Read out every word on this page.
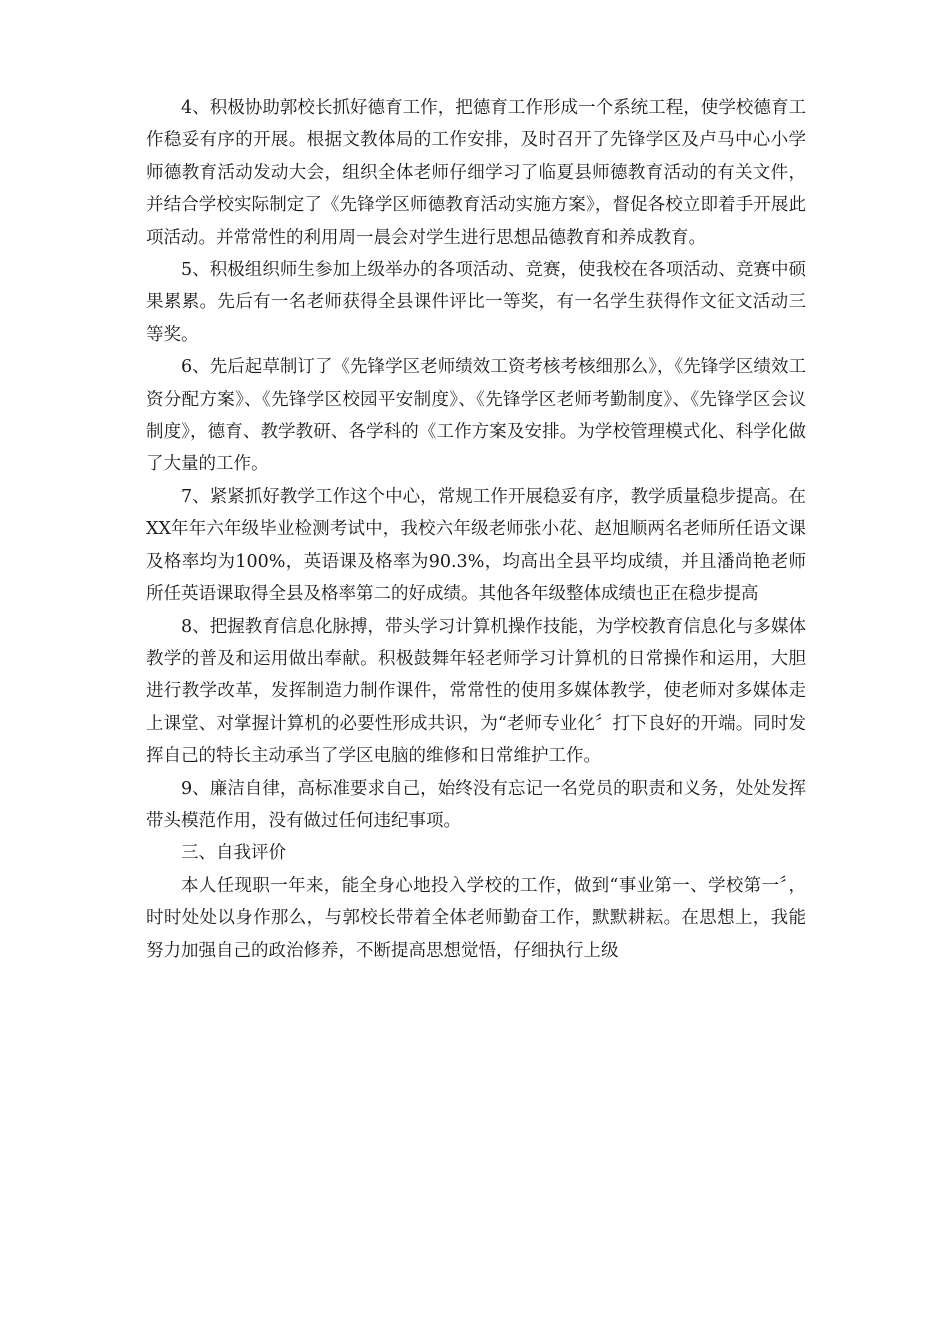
4、积极协助郭校长抓好德育工作，把德育工作形成一个系统工程，使学校德育工作稳妥有序的开展。根据文教体局的工作安排，及时召开了先锋学区及卢马中心小学师德教育活动发动大会，组织全体老师仔细学习了临夏县师德教育活动的有关文件，并结合学校实际制定了《先锋学区师德教育活动实施方案》，督促各校立即着手开展此项活动。并常常性的利用周一晨会对学生进行思想品德教育和养成教育。

5、积极组织师生参加上级举办的各项活动、竞赛，使我校在各项活动、竞赛中硕果累累。先后有一名老师获得全县课件评比一等奖，有一名学生获得作文征文活动三等奖。

6、先后起草制订了《先锋学区老师绩效工资考核考核细那么》，《先锋学区绩效工资分配方案》、《先锋学区校园平安制度》、《先锋学区老师考勤制度》、《先锋学区会议制度》，德育、教学教研、各学科的《工作方案及安排。为学校管理模式化、科学化做了大量的工作。

7、紧紧抓好教学工作这个中心，常规工作开展稳妥有序，教学质量稳步提高。在XX年年六年级毕业检测考试中，我校六年级老师张小花、赵旭顺两名老师所任语文课及格率均为100%，英语课及格率为90.3%，均高出全县平均成绩，并且潘尚艳老师所任英语课取得全县及格率第二的好成绩。其他各年级整体成绩也正在稳步提高

8、把握教育信息化脉搏，带头学习计算机操作技能，为学校教育信息化与多媒体教学的普及和运用做出奉献。积极鼓舞年轻老师学习计算机的日常操作和运用，大胆进行教学改革，发挥制造力制作课件，常常性的使用多媒体教学，使老师对多媒体走上课堂、对掌握计算机的必要性形成共识，为“老师专业化〞打下良好的开端。同时发挥自己的特长主动承当了学区电脑的维修和日常维护工作。

9、廉洁自律，高标准要求自己，始终没有忘记一名党员的职责和义务，处处发挥带头模范作用，没有做过任何违纪事项。

三、自我评价

本人任现职一年来，能全身心地投入学校的工作，做到“事业第一、学校第一〞，时时处处以身作那么，与郭校长带着全体老师勤奋工作，默默耕耘。在思想上，我能努力加强自己的政治修养，不断提高思想觉悟，仔细执行上级
